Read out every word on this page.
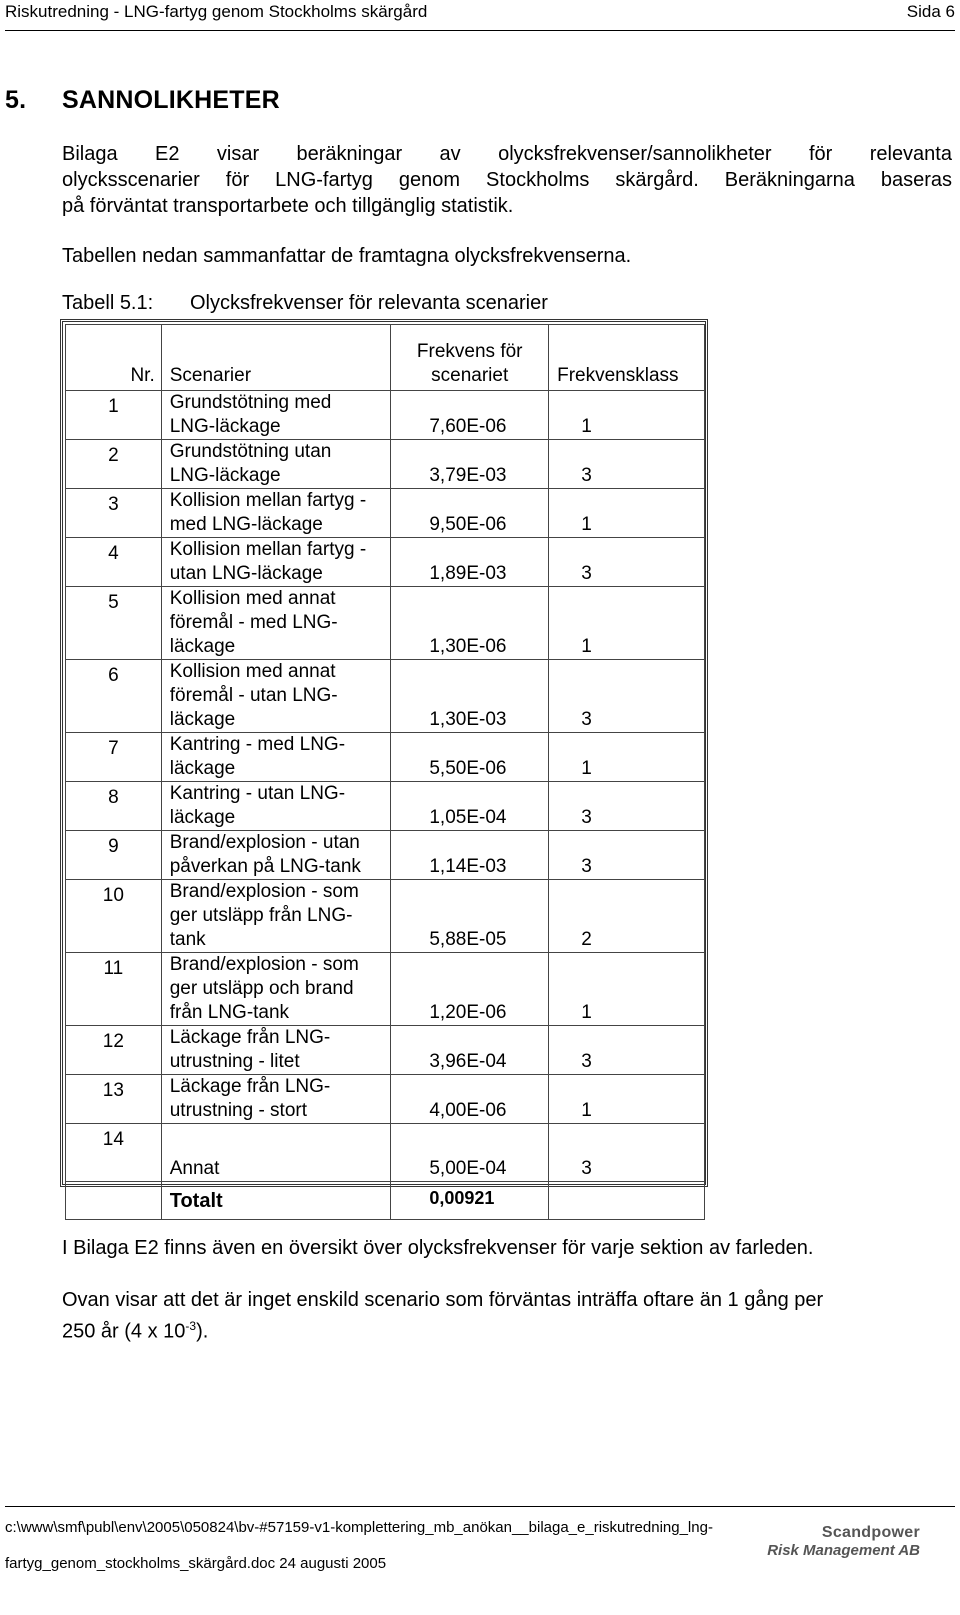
Riskutredning - LNG-fartyg genom Stockholms skärgård	Sida 6
5. SANNOLIKHETER
Bilaga E2 visar beräkningar av olycksfrekvenser/sannolikheter för relevanta
olycksscenarier för LNG-fartyg genom Stockholms skärgård. Beräkningarna baseras
på förväntat transportarbete och tillgänglig statistik.
Tabellen nedan sammanfattar de framtagna olycksfrekvenserna.
Tabell 5.1: Olycksfrekvenser för relevanta scenarier
Nr.	Scenarier	Frekvens för
scenariet	Frekvensklass
1	Grundstötning med
LNG-läckage	7,60E-06	1
2	Grundstötning utan
LNG-läckage	3,79E-03	3
3	Kollision mellan fartyg -
med LNG-läckage	9,50E-06	1
4	Kollision mellan fartyg -
utan LNG-läckage	1,89E-03	3
5	Kollision med annat
föremål - med LNG-
läckage	1,30E-06	1
6	Kollision med annat
föremål - utan LNG-
läckage	1,30E-03	3
7	Kantring - med LNG-
läckage	5,50E-06	1
8	Kantring - utan LNG-
läckage	1,05E-04	3
9	Brand/explosion - utan
påverkan på LNG-tank	1,14E-03	3
10	Brand/explosion - som
ger utsläpp från LNG-
tank	5,88E-05	2
11	Brand/explosion - som
ger utsläpp och brand
från LNG-tank	1,20E-06	1
12	Läckage från LNG-
utrustning - litet	3,96E-04	3
13	Läckage från LNG-
utrustning - stort	4,00E-06	1
14	Annat	5,00E-04	3
	Totalt	0,00921	
I Bilaga E2 finns även en översikt över olycksfrekvenser för varje sektion av farleden.
Ovan visar att det är inget enskild scenario som förväntas inträffa oftare än 1 gång per
250 år (4 x $10^{-3}$).
c:\www\smf\publ\env\2005\050824\bv-#57159-v1-komplettering_mb_anökan__bilaga_e_riskutredning_lng-
fartyg_genom_stockholms_skärgård.doc 24 augusti 2005
Scandpower
Risk Management AB
